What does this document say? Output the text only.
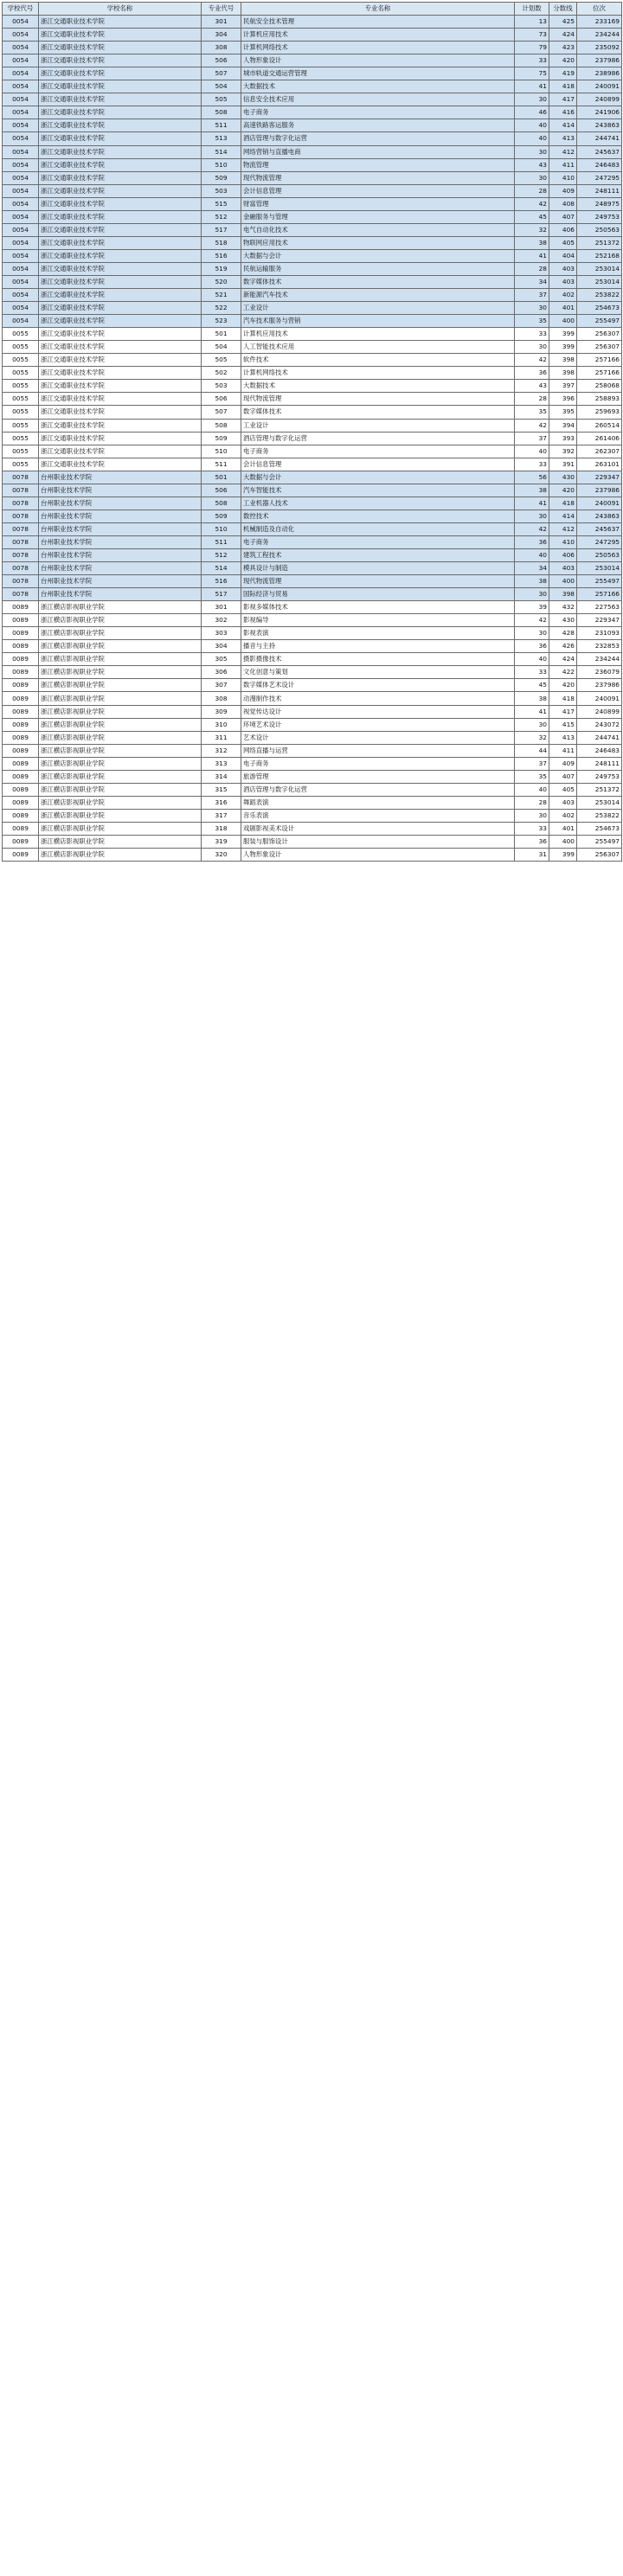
学校代号	学校名称	专业代号	专业名称	计划数	分数线	位次
0054	浙江交通职业技术学院	301	民航安全技术管理	13	425	233169
0054	浙江交通职业技术学院	304	计算机应用技术	73	424	234244
0054	浙江交通职业技术学院	308	计算机网络技术	79	423	235092
0054	浙江交通职业技术学院	506	人物形象设计	33	420	237986
0054	浙江交通职业技术学院	507	城市轨道交通运营管理	75	419	238986
0054	浙江交通职业技术学院	504	大数据技术	41	418	240091
0054	浙江交通职业技术学院	505	信息安全技术应用	30	417	240899
0054	浙江交通职业技术学院	508	电子商务	46	416	241906
0054	浙江交通职业技术学院	511	高速铁路客运服务	40	414	243863
0054	浙江交通职业技术学院	513	酒店管理与数字化运营	40	413	244741
0054	浙江交通职业技术学院	514	网络营销与直播电商	30	412	245637
0054	浙江交通职业技术学院	510	物流管理	43	411	246483
0054	浙江交通职业技术学院	509	现代物流管理	30	410	247295
0054	浙江交通职业技术学院	503	会计信息管理	28	409	248111
0054	浙江交通职业技术学院	515	财富管理	42	408	248975
0054	浙江交通职业技术学院	512	金融服务与管理	45	407	249753
0054	浙江交通职业技术学院	517	电气自动化技术	32	406	250563
0054	浙江交通职业技术学院	518	物联网应用技术	38	405	251372
0054	浙江交通职业技术学院	516	大数据与会计	41	404	252168
0054	浙江交通职业技术学院	519	民航运输服务	28	403	253014
0054	浙江交通职业技术学院	520	数字媒体技术	34	403	253014
0054	浙江交通职业技术学院	521	新能源汽车技术	37	402	253822
0054	浙江交通职业技术学院	522	工业设计	30	401	254673
0054	浙江交通职业技术学院	523	汽车技术服务与营销	35	400	255497
0055	浙江交通职业技术学院	501	计算机应用技术	33	399	256307
0055	浙江交通职业技术学院	504	人工智能技术应用	30	399	256307
0055	浙江交通职业技术学院	505	软件技术	42	398	257166
0055	浙江交通职业技术学院	502	计算机网络技术	36	398	257166
0055	浙江交通职业技术学院	503	大数据技术	43	397	258068
0055	浙江交通职业技术学院	506	现代物流管理	28	396	258893
0055	浙江交通职业技术学院	507	数字媒体技术	35	395	259693
0055	浙江交通职业技术学院	508	工业设计	42	394	260514
0055	浙江交通职业技术学院	509	酒店管理与数字化运营	37	393	261406
0055	浙江交通职业技术学院	510	电子商务	40	392	262307
0055	浙江交通职业技术学院	511	会计信息管理	33	391	263101
0078	台州职业技术学院	501	大数据与会计	56	430	229347
0078	台州职业技术学院	506	汽车智能技术	38	420	237986
0078	台州职业技术学院	508	工业机器人技术	41	418	240091
0078	台州职业技术学院	509	数控技术	30	414	243863
0078	台州职业技术学院	510	机械制造及自动化	42	412	245637
0078	台州职业技术学院	511	电子商务	36	410	247295
0078	台州职业技术学院	512	建筑工程技术	40	406	250563
0078	台州职业技术学院	514	模具设计与制造	34	403	253014
0078	台州职业技术学院	516	现代物流管理	38	400	255497
0078	台州职业技术学院	517	国际经济与贸易	30	398	257166
0089	浙江横店影视职业学院	301	影视多媒体技术	39	432	227563
0089	浙江横店影视职业学院	302	影视编导	42	430	229347
0089	浙江横店影视职业学院	303	影视表演	30	428	231093
0089	浙江横店影视职业学院	304	播音与主持	36	426	232853
0089	浙江横店影视职业学院	305	摄影摄像技术	40	424	234244
0089	浙江横店影视职业学院	306	文化创意与策划	33	422	236079
0089	浙江横店影视职业学院	307	数字媒体艺术设计	45	420	237986
0089	浙江横店影视职业学院	308	动漫制作技术	38	418	240091
0089	浙江横店影视职业学院	309	视觉传达设计	41	417	240899
0089	浙江横店影视职业学院	310	环境艺术设计	30	415	243072
0089	浙江横店影视职业学院	311	艺术设计	32	413	244741
0089	浙江横店影视职业学院	312	网络直播与运营	44	411	246483
0089	浙江横店影视职业学院	313	电子商务	37	409	248111
0089	浙江横店影视职业学院	314	旅游管理	35	407	249753
0089	浙江横店影视职业学院	315	酒店管理与数字化运营	40	405	251372
0089	浙江横店影视职业学院	316	舞蹈表演	28	403	253014
0089	浙江横店影视职业学院	317	音乐表演	30	402	253822
0089	浙江横店影视职业学院	318	戏剧影视美术设计	33	401	254673
0089	浙江横店影视职业学院	319	服装与服饰设计	36	400	255497
0089	浙江横店影视职业学院	320	人物形象设计	31	399	256307
